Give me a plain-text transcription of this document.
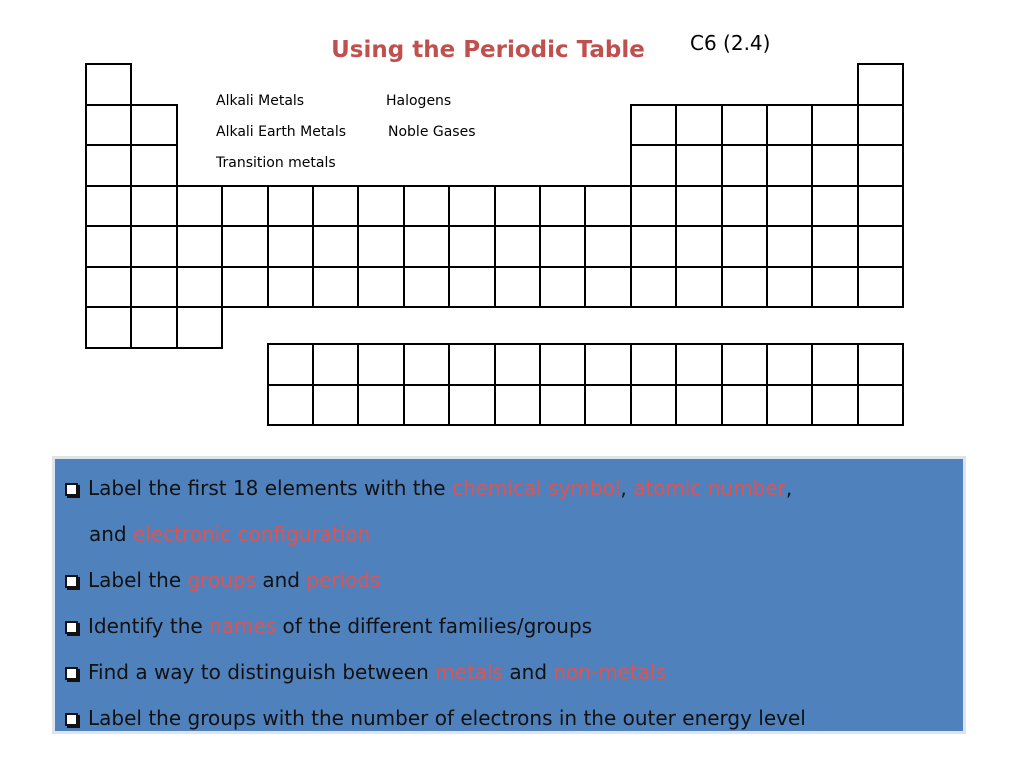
Using the Periodic Table	C6 (2.4)
Alkali Metals	Halogens
Alkali Earth Metals	Noble Gases
Transition metals
Label the first 18 elements with the chemical symbol, atomic number,
and electronic configuration
Label the groups and periods
Identify the names of the different families/groups
Find a way to distinguish between metals and non-metals
Label the groups with the number of electrons in the outer energy level
